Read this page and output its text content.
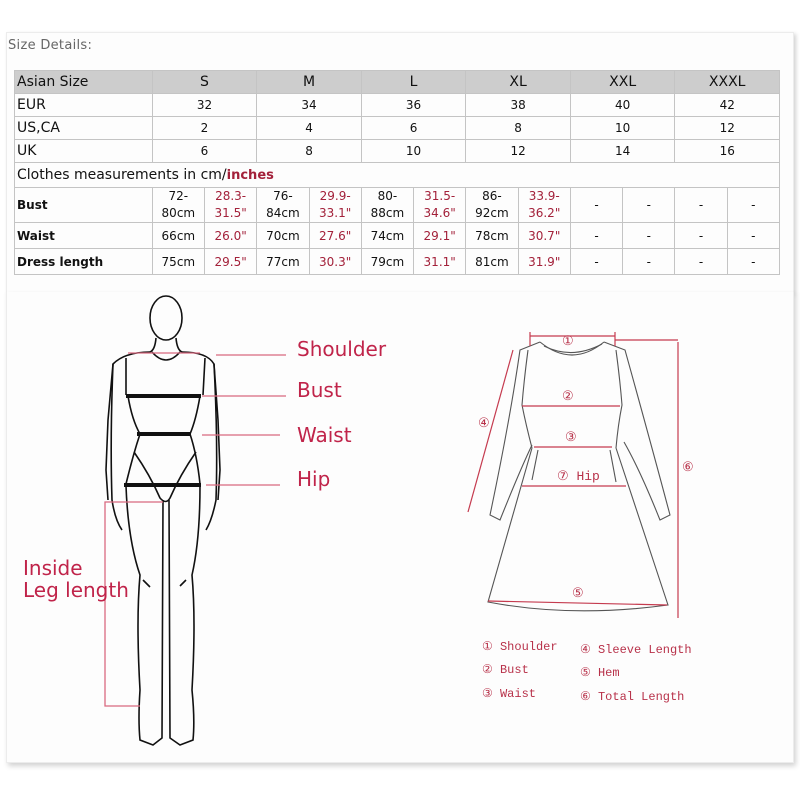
Size Details:
Asian Size	S		M		L		XL		XXL		XXXL	
EUR	32		34		36		38		40		42	
US,CA	2		4		6		8		10		12	
UK	6		8		10		12		14		16	
Clothes measurements in cm/inches												
Bust	72-80cm	28.3-31.5"	76-84cm	29.9-33.1"	80-88cm	31.5-34.6"	86-92cm	33.9-36.2"	-	-	-	-
Waist	66cm	26.0"	70cm	27.6"	74cm	29.1"	78cm	30.7"	-	-	-	-
Dress length	75cm	29.5"	77cm	30.3"	79cm	31.1"	81cm	31.9"	-	-	-	-
Shoulder
Bust
Waist
Hip
Inside
Leg length
①
②
③
④
⑤
⑥
⑦ Hip
① Shoulder
② Bust
③ Waist
④ Sleeve Length
⑤ Hem
⑥ Total Length
